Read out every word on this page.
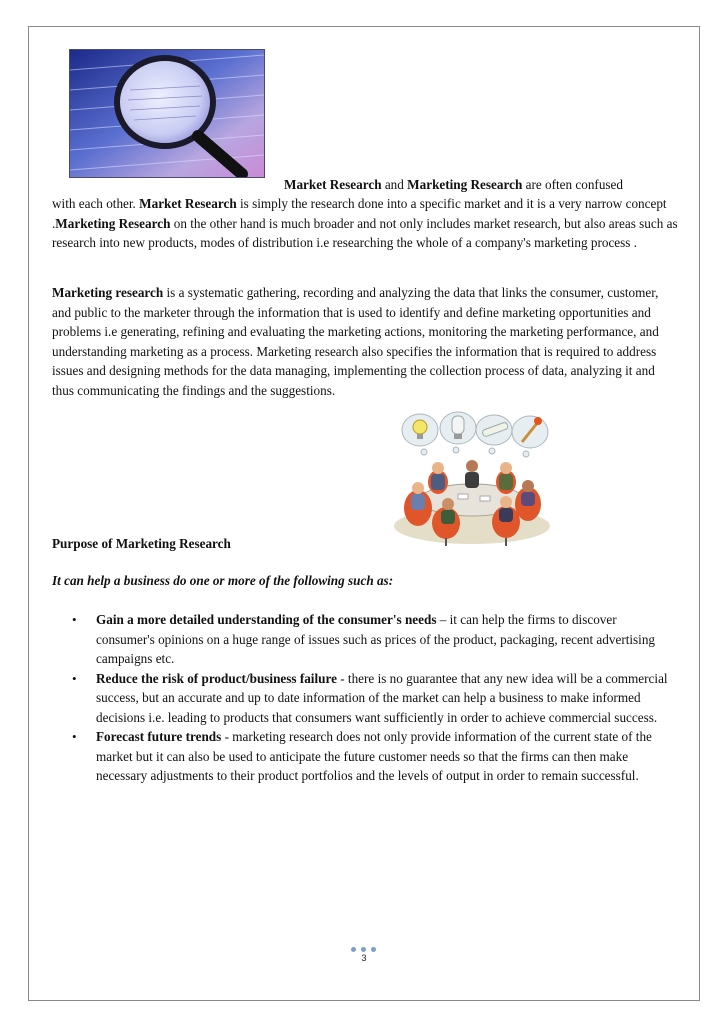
Market Research and Marketing Research are often confused

with each other. Market Research is simply the research done into a specific market and it is a very narrow concept .Marketing Research on the other hand is much broader and not only includes market research, but also areas such as research into new products, modes of distribution i.e researching the whole of a company's marketing process .

Marketing research is a systematic gathering, recording and analyzing the data that links the consumer, customer, and public to the marketer through the information that is used to identify and define marketing opportunities and problems i.e generating, refining and evaluating the marketing actions, monitoring the marketing performance, and understanding marketing as a process. Marketing research also specifies the information that is required to address issues and designing methods for the data managing, implementing the collection process of data, analyzing it and thus communicating the findings and the suggestions.

Purpose of Marketing Research

It can help a business do one or more of the following such as:

• Gain a more detailed understanding of the consumer's needs – it can help the firms to discover consumer's opinions on a huge range of issues such as prices of the product, packaging, recent advertising campaigns etc.
• Reduce the risk of product/business failure - there is no guarantee that any new idea will be a commercial success, but an accurate and up to date information of the market can help a business to make informed decisions i.e. leading to products that consumers want sufficiently in order to achieve commercial success.
• Forecast future trends - marketing research does not only provide information of the current state of the market but it can also be used to anticipate the future customer needs so that the firms can then make necessary adjustments to their product portfolios and the levels of output in order to remain successful.
3
